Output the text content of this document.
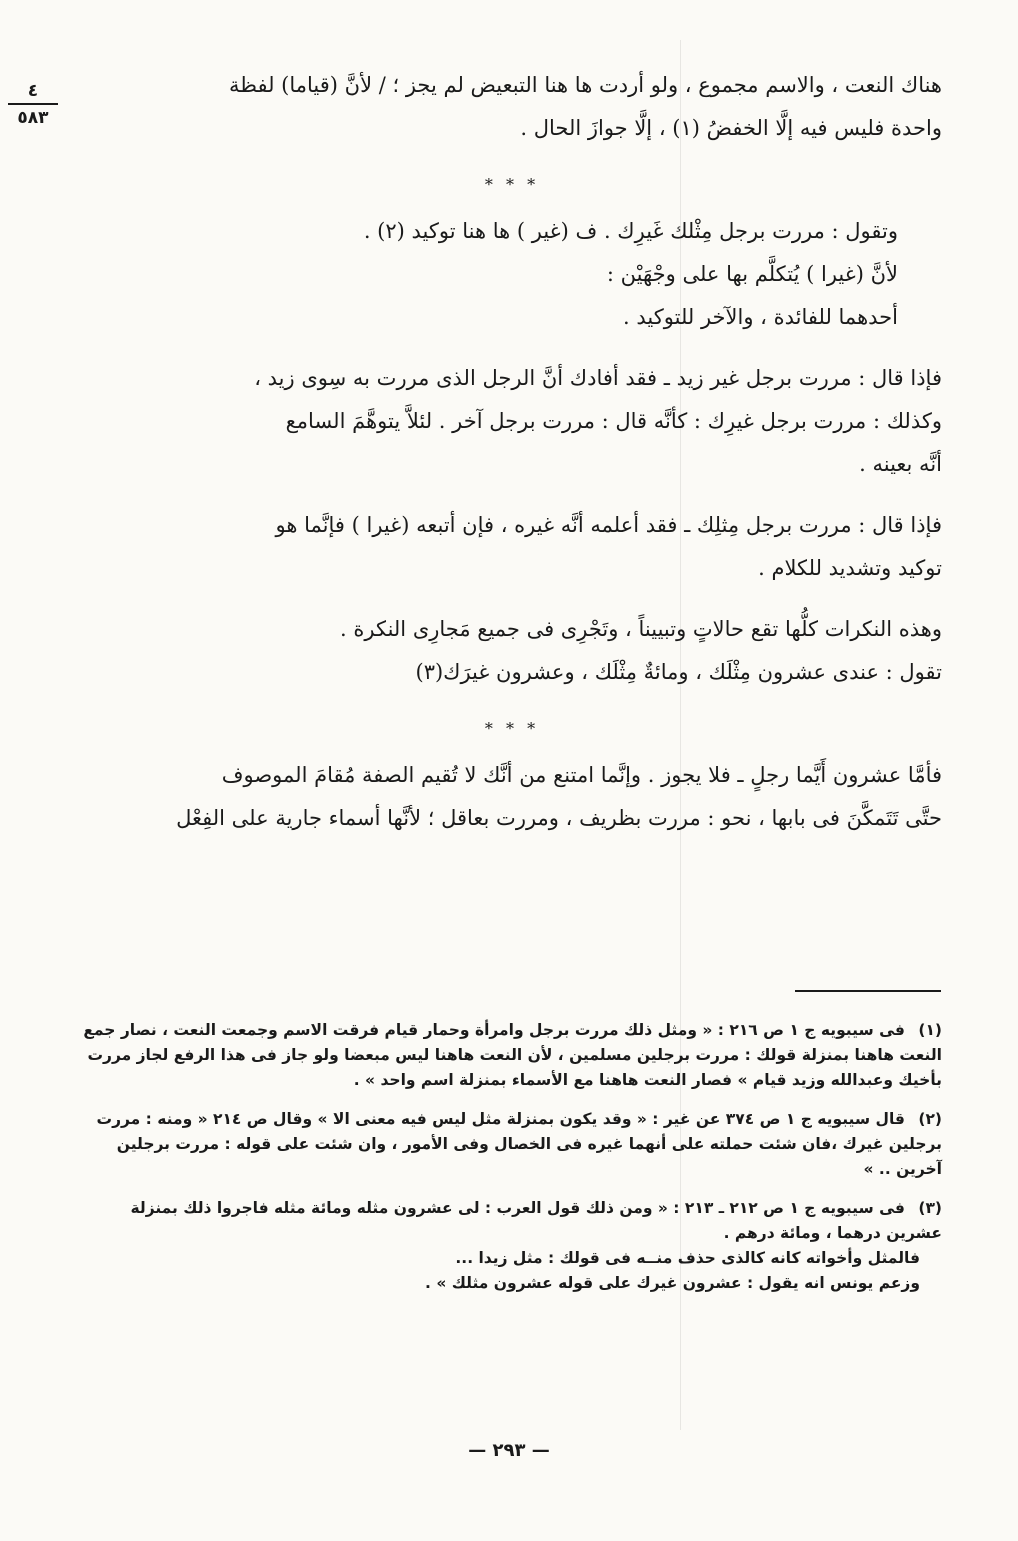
٤
٥٨٣

هناك النعت ، والاسم مجموع ، ولو أردت ها هنا التبعيض لم يجز ؛ / لأنَّ (قياما) لفظة

واحدة فليس فيه إلَّا الخفضُ (١) ، إلَّا جوازَ الحال .

* * *

وتقول : مررت برجل مِثْلك غَيرِك . ف (غير ) ها هنا توكيد (٢) .

لأنَّ (غيرا ) يُتكلَّم بها على وجْهَيْن :

أحدهما للفائدة ، والآخر للتوكيد .

فإذا قال : مررت برجل غير زيد ـ فقد أفادك أنَّ الرجل الذى مررت به سِوى زيد ،

وكذلك : مررت برجل غيرِك : كأنَّه قال : مررت برجل آخر . لئلاَّ يتوهَّمَ السامع

أنَّه بعينه .

فإذا قال : مررت برجل مِثلِك ـ فقد أعلمه أنَّه غيره ، فإن أتبعه (غيرا ) فإنَّما هو

توكيد وتشديد للكلام .

وهذه النكرات كلُّها تقع حالاتٍ وتبييناً ، وتَجْرِى فى جميع مَجارِى النكرة .

تقول : عندى عشرون مِثْلَك ، ومائةٌ مِثْلَك ، وعشرون غيرَك(٣)

* * *

فأمَّا عشرون أَيَّما رجلٍ ـ فلا يجوز . وإنَّما امتنع من أنَّك لا تُقيم الصفة مُقامَ الموصوف

حتَّى تَتَمكَّنَ فى بابها ، نحو : مررت بظريف ، ومررت بعاقل ؛ لأنَّها أسماء جارية على الفِعْل

(١) فى سيبويه ج ١ ص ٢١٦ : « ومثل ذلك مررت برجل وامرأة وحمار قيام فرقت الاسم وجمعت النعت ، نصار جمع النعت هاهنا بمنزلة قولك : مررت برجلين مسلمين ، لأن النعت هاهنا ليس مبعضا ولو جاز فى هذا الرفع لجاز مررت بأخيك وعبدالله وزيد قيام » فصار النعت هاهنا مع الأسماء بمنزلة اسم واحد » .

(٢) قال سيبويه ج ١ ص ٣٧٤ عن غير : « وقد يكون بمنزلة مثل ليس فيه معنى الا » وقال ص ٢١٤ « ومنه : مررت برجلين غيرك ،فان شئت حملته على أنهما غيره فى الخصال وفى الأمور ، وان شئت على قوله : مررت برجلين آخرين .. »

(٣) فى سيبويه ج ١ ص ٢١٢ ـ ٢١٣ : « ومن ذلك قول العرب : لى عشرون مثله ومائة مثله فاجروا ذلك بمنزلة عشرين درهما ، ومائة درهم .
فالمثل وأخواته كانه كالذى حذف منــه فى قولك : مثل زيدا ...
وزعم يونس انه يقول : عشرون غيرك على قوله عشرون مثلك » .

— ٢٩٣ —
